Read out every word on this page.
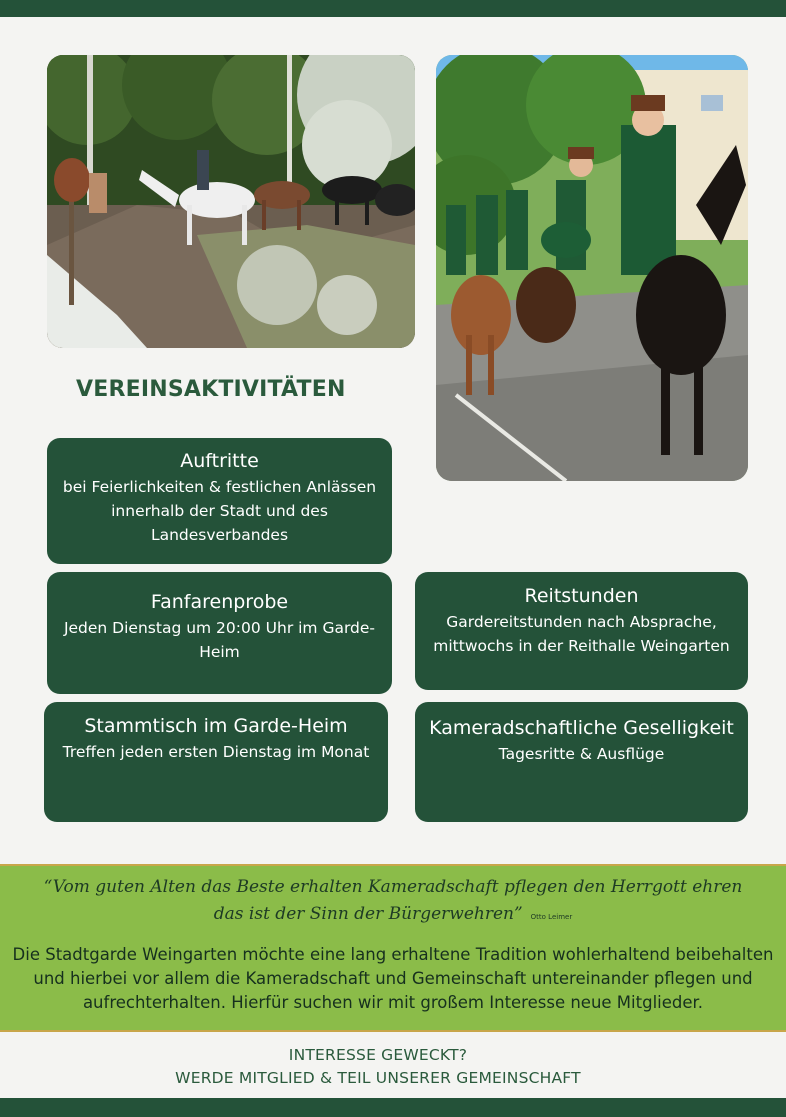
VEREINSAKTIVITÄTEN
Auftritte
bei Feierlichkeiten & festlichen Anlässen innerhalb der Stadt und des Landesverbandes
Fanfarenprobe
Jeden Dienstag um 20:00 Uhr im Garde-Heim
Reitstunden
Gardereitstunden nach Absprache, mittwochs in der Reithalle Weingarten
Stammtisch im Garde-Heim
Treffen jeden ersten Dienstag im Monat
Kameradschaftliche Geselligkeit
Tagesritte & Ausflüge
“Vom guten Alten das Beste erhalten Kameradschaft pflegen den Herrgott ehren das ist der Sinn der Bürgerwehren” Otto Leimer
Die Stadtgarde Weingarten möchte eine lang erhaltene Tradition wohlerhaltend beibehalten und hierbei vor allem die Kameradschaft und Gemeinschaft untereinander pflegen und aufrechterhalten. Hierfür suchen wir mit großem Interesse neue Mitglieder.
INTERESSE GEWECKT?
WERDE MITGLIED & TEIL UNSERER GEMEINSCHAFT
